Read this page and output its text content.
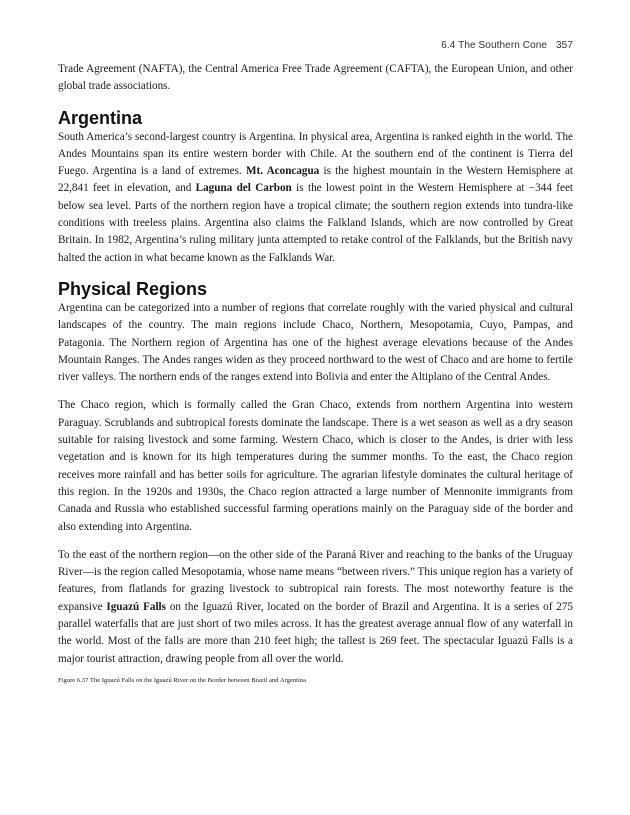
6.4 The Southern Cone 357

Trade Agreement (NAFTA), the Central America Free Trade Agreement (CAFTA), the European Union, and other global trade associations.

Argentina

South America’s second-largest country is Argentina. In physical area, Argentina is ranked eighth in the world. The Andes Mountains span its entire western border with Chile. At the southern end of the continent is Tierra del Fuego. Argentina is a land of extremes. Mt. Aconcagua is the highest mountain in the Western Hemisphere at 22,841 feet in elevation, and Laguna del Carbon is the lowest point in the Western Hemisphere at −344 feet below sea level. Parts of the northern region have a tropical climate; the southern region extends into tundra-like conditions with treeless plains. Argentina also claims the Falkland Islands, which are now controlled by Great Britain. In 1982, Argentina’s ruling military junta attempted to retake control of the Falklands, but the British navy halted the action in what became known as the Falklands War.

Physical Regions

Argentina can be categorized into a number of regions that correlate roughly with the varied physical and cultural landscapes of the country. The main regions include Chaco, Northern, Mesopotamia, Cuyo, Pampas, and Patagonia. The Northern region of Argentina has one of the highest average elevations because of the Andes Mountain Ranges. The Andes ranges widen as they proceed northward to the west of Chaco and are home to fertile river valleys. The northern ends of the ranges extend into Bolivia and enter the Altiplano of the Central Andes.

The Chaco region, which is formally called the Gran Chaco, extends from northern Argentina into western Paraguay. Scrublands and subtropical forests dominate the landscape. There is a wet season as well as a dry season suitable for raising livestock and some farming. Western Chaco, which is closer to the Andes, is drier with less vegetation and is known for its high temperatures during the summer months. To the east, the Chaco region receives more rainfall and has better soils for agriculture. The agrarian lifestyle dominates the cultural heritage of this region. In the 1920s and 1930s, the Chaco region attracted a large number of Mennonite immigrants from Canada and Russia who established successful farming operations mainly on the Paraguay side of the border and also extending into Argentina.

To the east of the northern region—on the other side of the Paraná River and reaching to the banks of the Uruguay River—is the region called Mesopotamia, whose name means “between rivers.” This unique region has a variety of features, from flatlands for grazing livestock to subtropical rain forests. The most noteworthy feature is the expansive Iguazú Falls on the Iguazú River, located on the border of Brazil and Argentina. It is a series of 275 parallel waterfalls that are just short of two miles across. It has the greatest average annual flow of any waterfall in the world. Most of the falls are more than 210 feet high; the tallest is 269 feet. The spectacular Iguazú Falls is a major tourist attraction, drawing people from all over the world.

Figure 6.37 The Iguazú Falls on the Iguazú River on the Border between Brazil and Argentina
